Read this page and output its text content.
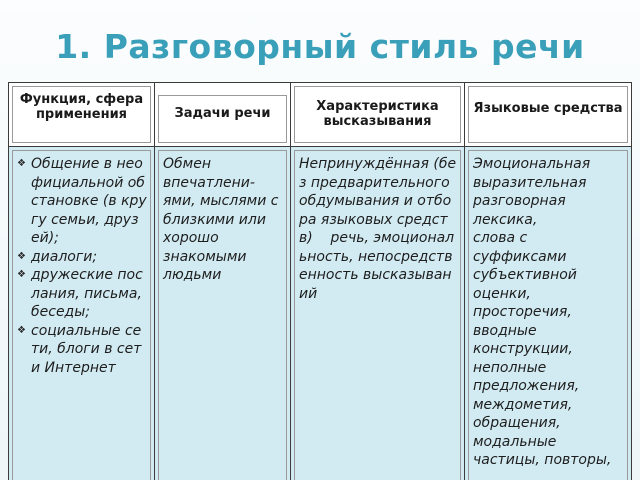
1. Разговорный стиль речи
Функция, сфера применения
❖ Общение в неофициальной обстановке (в кругу семьи, друзей);
❖ диалоги;
❖ дружеские послания, письма, беседы;
❖ социальные сети, блоги в сети Интернет
Задачи речи

Обмен впечатлени-ями, мыслями с близкими или хорошо знакомыми людьми

Характеристика высказывания

Непринуждённая (без предварительного обдумывания и отбора языковых средств)    речь, эмоциональность, непосредственность высказываний

Языковые средства

Эмоциональная выразительная разговорная лексика,
слова с суффиксами субъективной оценки, просторечия, вводные конструкции, неполные предложения, междометия, обращения, модальные частицы, повторы,
